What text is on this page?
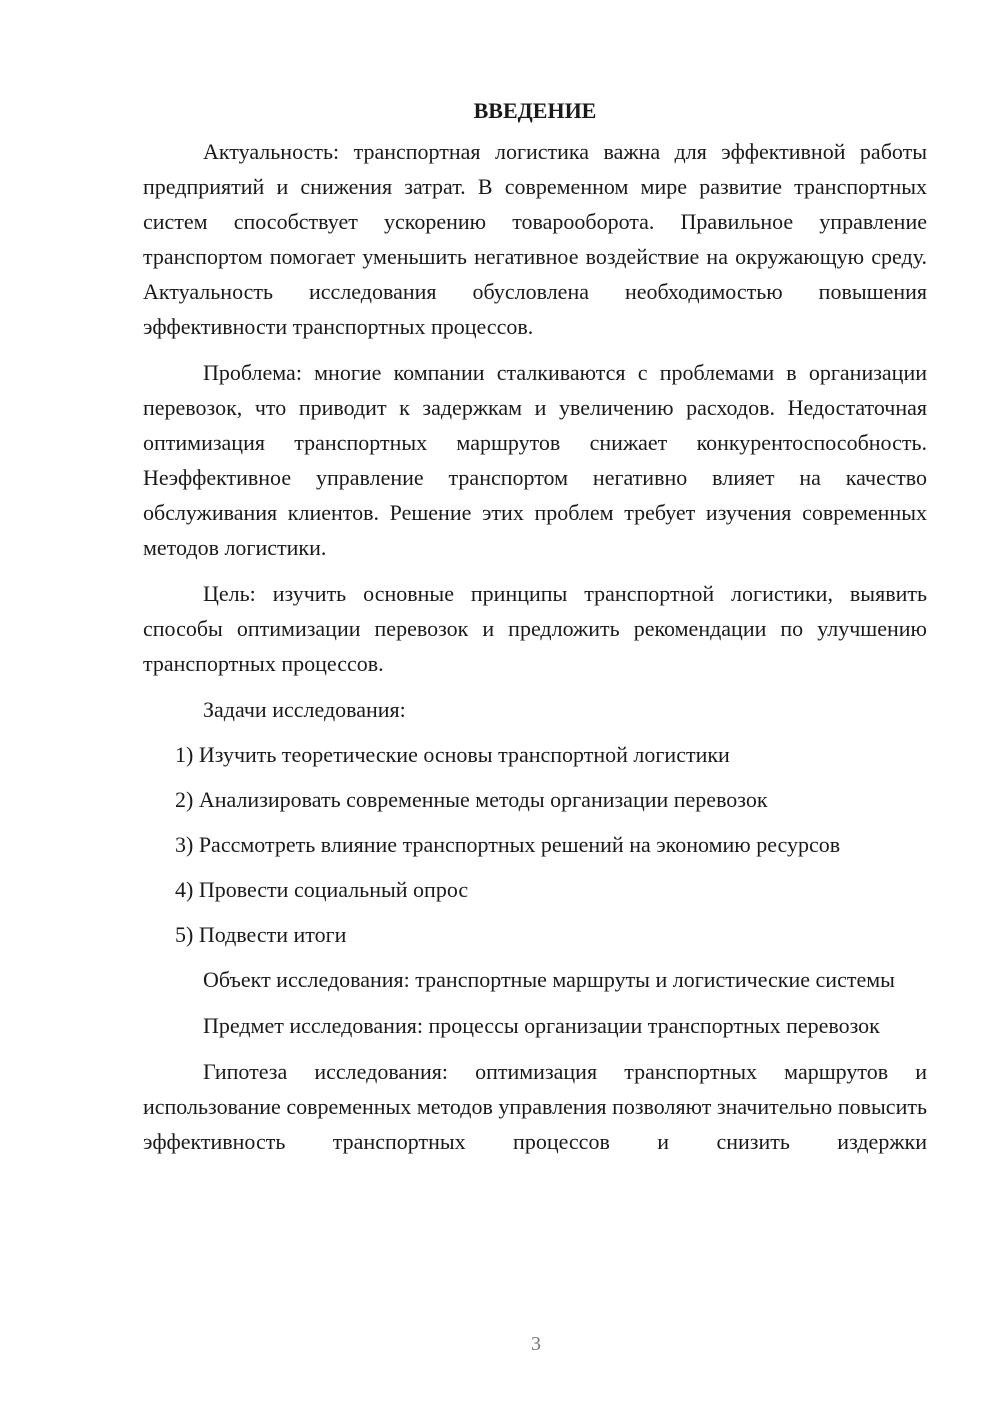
ВВЕДЕНИЕ

Актуальность: транспортная логистика важна для эффективной работы предприятий и снижения затрат. В современном мире развитие транспортных систем способствует ускорению товарооборота. Правильное управление транспортом помогает уменьшить негативное воздействие на окружающую среду. Актуальность исследования обусловлена необходимостью повышения эффективности транспортных процессов.

Проблема: многие компании сталкиваются с проблемами в организации перевозок, что приводит к задержкам и увеличению расходов. Недостаточная оптимизация транспортных маршрутов снижает конкурентоспособность. Неэффективное управление транспортом негативно влияет на качество обслуживания клиентов. Решение этих проблем требует изучения современных методов логистики.

Цель: изучить основные принципы транспортной логистики, выявить способы оптимизации перевозок и предложить рекомендации по улучшению транспортных процессов.

Задачи исследования:

1) Изучить теоретические основы транспортной логистики
2) Анализировать современные методы организации перевозок
3) Рассмотреть влияние транспортных решений на экономию ресурсов
4) Провести социальный опрос
5) Подвести итоги

Объект исследования: транспортные маршруты и логистические системы

Предмет исследования: процессы организации транспортных перевозок

Гипотеза исследования: оптимизация транспортных маршрутов и использование современных методов управления позволяют значительно повысить эффективность транспортных процессов и снизить издержки

3
